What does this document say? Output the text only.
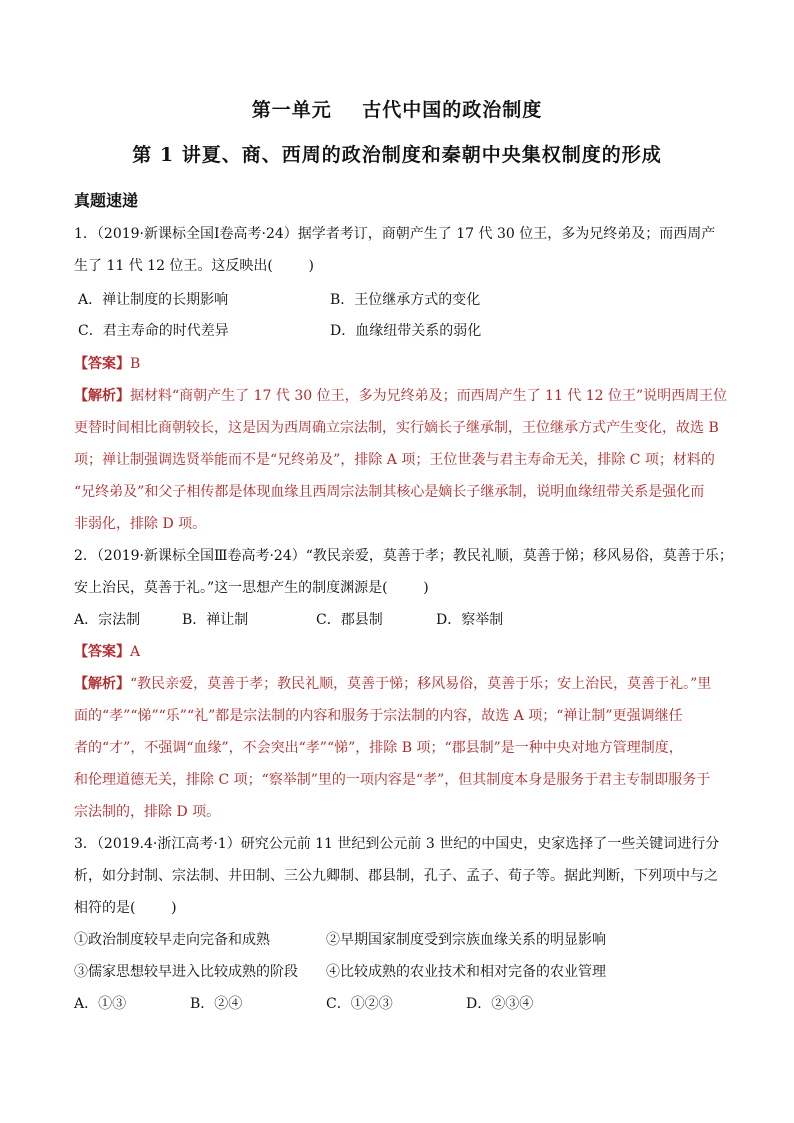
第一单元    古代中国的政治制度
第 1 讲夏、商、西周的政治制度和秦朝中央集权制度的形成
真题速递
1．（2019·新课标全国Ⅰ卷高考·24）据学者考订，商朝产生了 17 代 30 位王，多为兄终弟及；而西周产
生了 11 代 12 位王。这反映出(        )
A．禅让制度的长期影响	B．王位继承方式的变化
C．君主寿命的时代差异	D．血缘纽带关系的弱化
【答案】B
【解析】据材料“商朝产生了 17 代 30 位王，多为兄终弟及；而西周产生了 11 代 12 位王”说明西周王位
更替时间相比商朝较长，这是因为西周确立宗法制，实行嫡长子继承制，王位继承方式产生变化，故选 B
项；禅让制强调选贤举能而不是“兄终弟及”，排除 A 项；王位世袭与君主寿命无关，排除 C 项；材料的
“兄终弟及”和父子相传都是体现血缘且西周宗法制其核心是嫡长子继承制，说明血缘纽带关系是强化而
非弱化，排除 D 项。
2．（2019·新课标全国Ⅲ卷高考·24）“教民亲爱，莫善于孝；教民礼顺，莫善于悌；移风易俗，莫善于乐；
安上治民，莫善于礼。”这一思想产生的制度渊源是(        )
A．宗法制	B．禅让制	C．郡县制	D．察举制
【答案】A
【解析】“教民亲爱，莫善于孝；教民礼顺，莫善于悌；移风易俗，莫善于乐；安上治民，莫善于礼。”里
面的“孝”“悌”“乐”“礼”都是宗法制的内容和服务于宗法制的内容，故选 A 项；“禅让制”更强调继任
者的“才”，不强调“血缘”，不会突出“孝”“悌”，排除 B 项；“郡县制”是一种中央对地方管理制度，
和伦理道德无关，排除 C 项；“察举制”里的一项内容是“孝”，但其制度本身是服务于君主专制即服务于
宗法制的，排除 D 项。
3．（2019.4·浙江高考·1）研究公元前 11 世纪到公元前 3 世纪的中国史，史家选择了一些关键词进行分
析，如分封制、宗法制、井田制、三公九卿制、郡县制，孔子、孟子、荀子等。据此判断，下列项中与之
相符的是(        )
①政治制度较早走向完备和成熟	②早期国家制度受到宗族血缘关系的明显影响
③儒家思想较早进入比较成熟的阶段 ④比较成熟的农业技术和相对完备的农业管理
A．①③	B．②④	C．①②③	D．②③④
